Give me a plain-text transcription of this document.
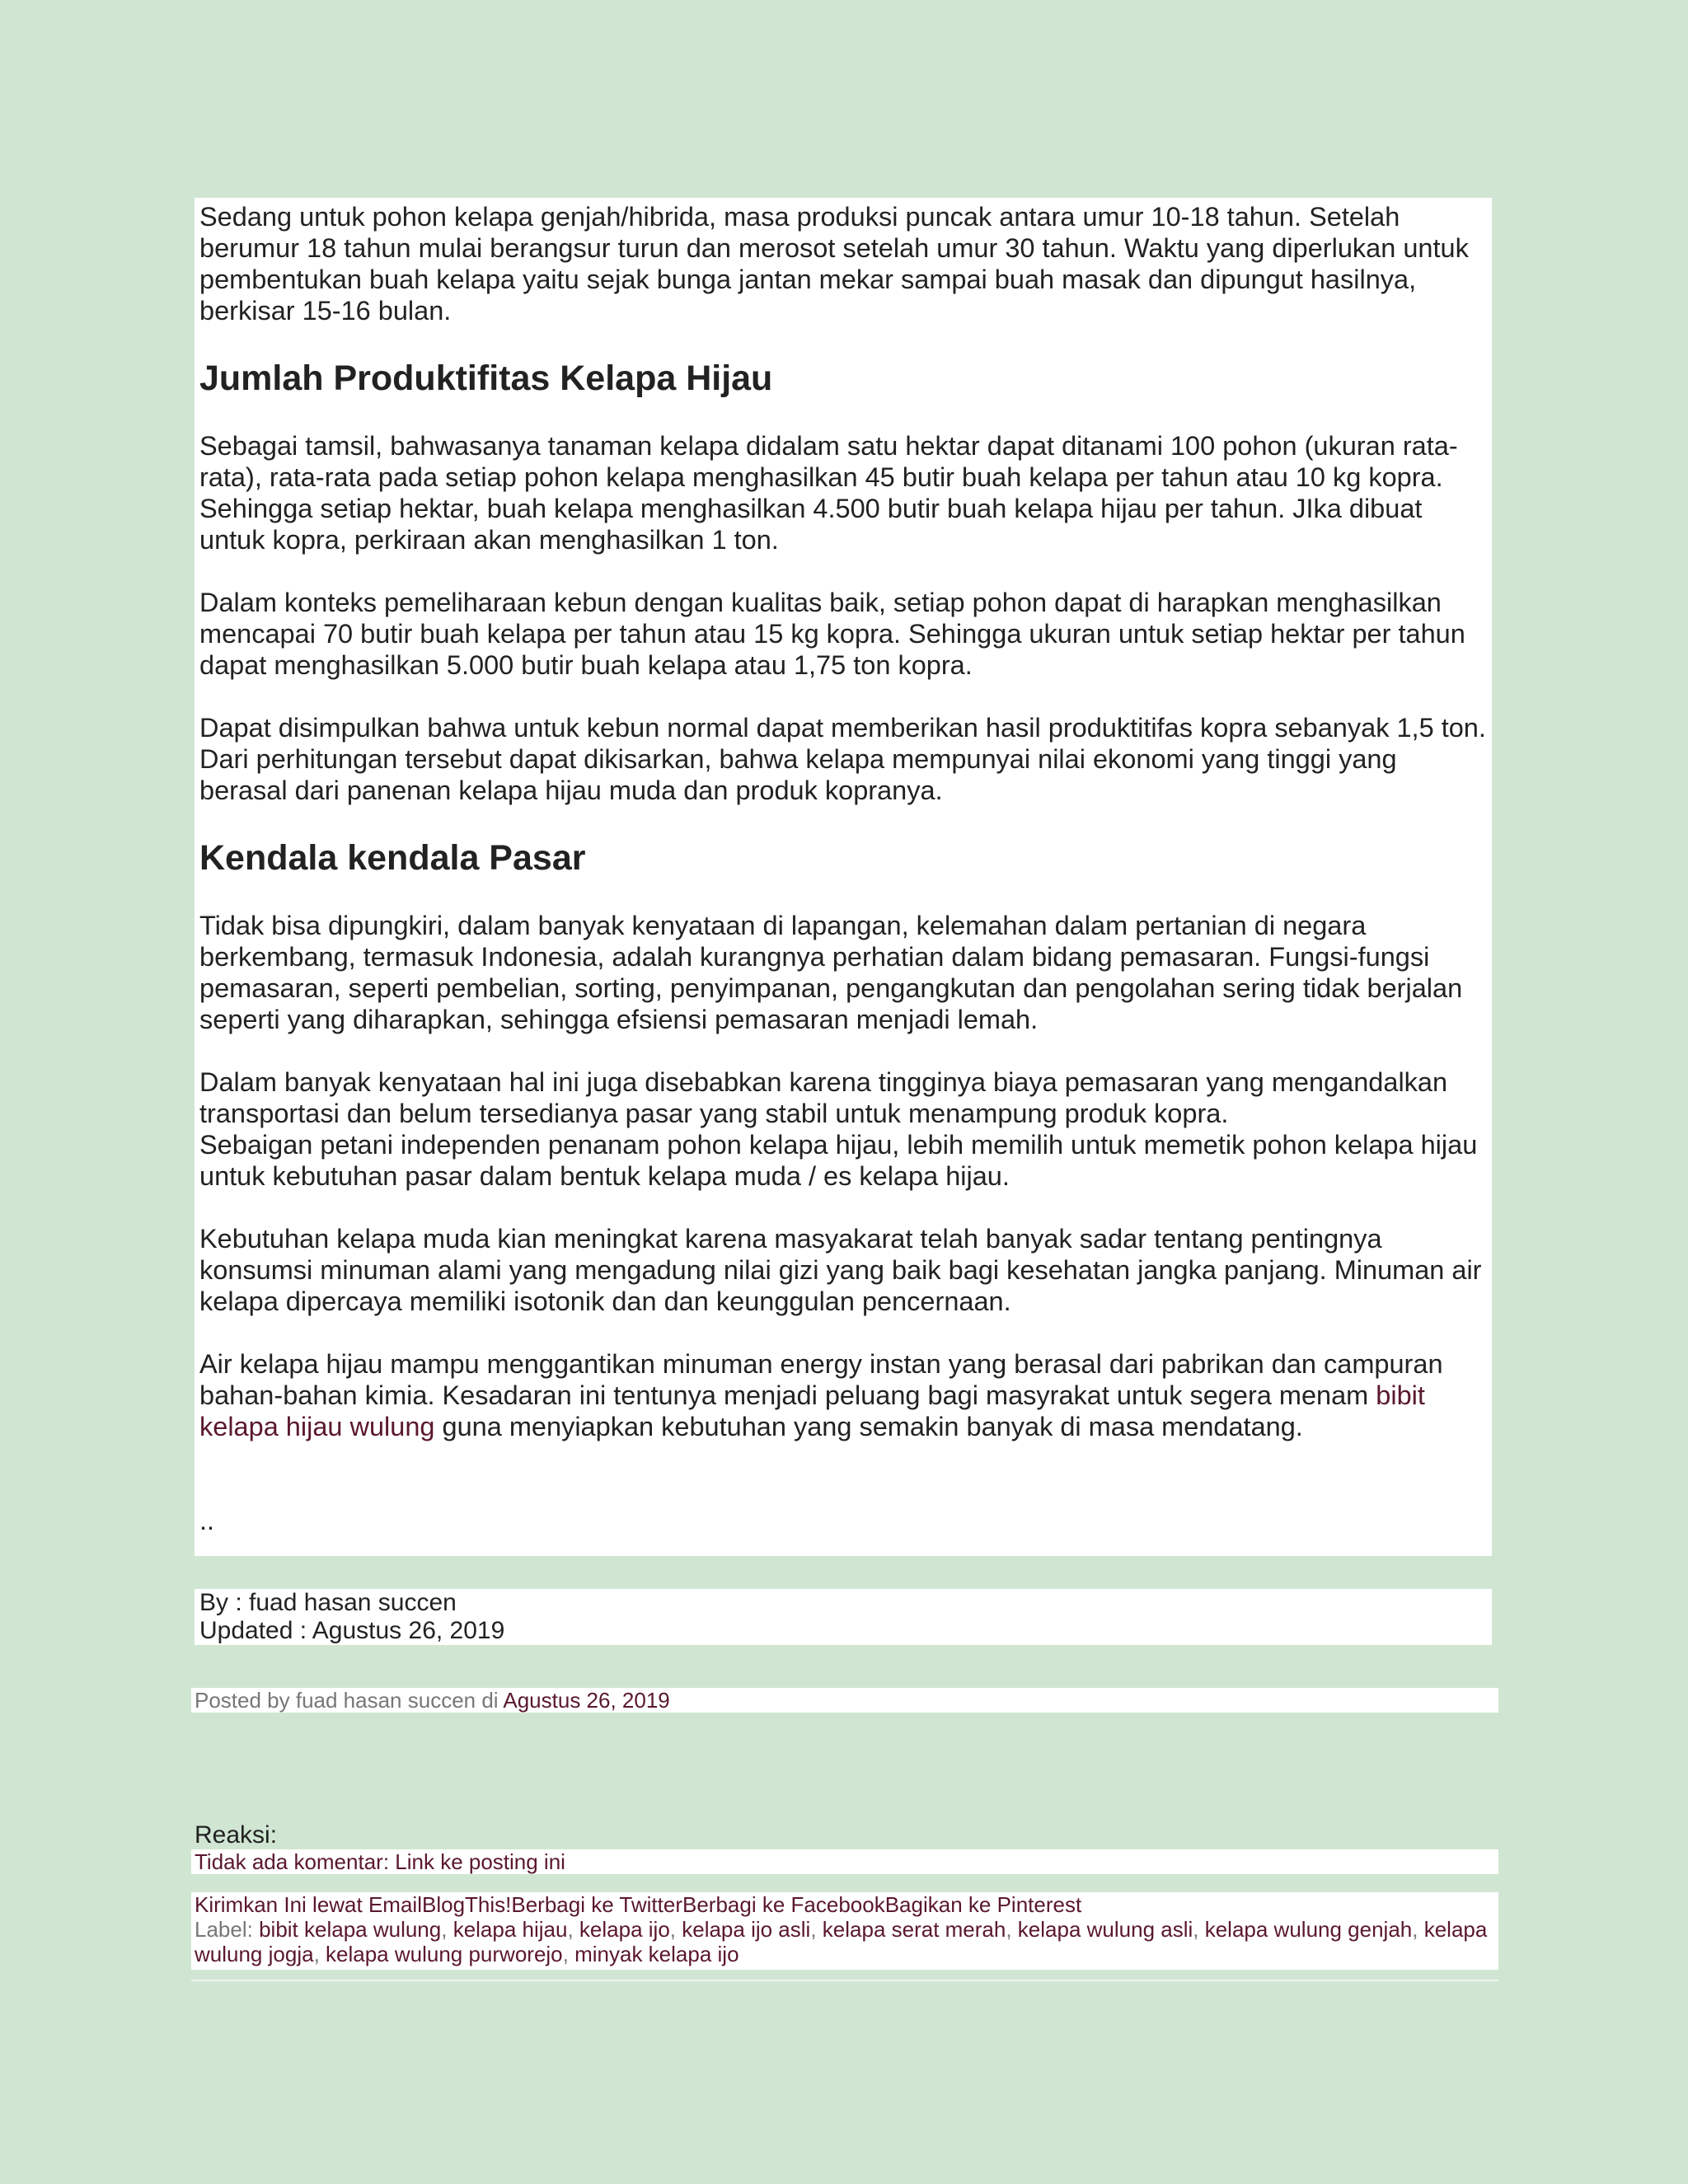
Sedang untuk pohon kelapa genjah/hibrida, masa produksi puncak antara umur 10-18 tahun. Setelah berumur 18 tahun mulai berangsur turun dan merosot setelah umur 30 tahun. Waktu yang diperlukan untuk pembentukan buah kelapa yaitu sejak bunga jantan mekar sampai buah masak dan dipungut hasilnya, berkisar 15-16 bulan.

Jumlah Produktifitas Kelapa Hijau

Sebagai tamsil, bahwasanya tanaman kelapa didalam satu hektar dapat ditanami 100 pohon (ukuran rata-rata), rata-rata pada setiap pohon kelapa menghasilkan 45 butir buah kelapa per tahun atau 10 kg kopra. Sehingga setiap hektar, buah kelapa menghasilkan 4.500 butir buah kelapa hijau per tahun. JIka dibuat untuk kopra, perkiraan akan menghasilkan 1 ton.

Dalam konteks pemeliharaan kebun dengan kualitas baik, setiap pohon dapat di harapkan menghasilkan mencapai 70 butir buah kelapa per tahun atau 15 kg kopra. Sehingga ukuran untuk setiap hektar per tahun dapat menghasilkan 5.000 butir buah kelapa atau 1,75 ton kopra.

Dapat disimpulkan bahwa untuk kebun normal dapat memberikan hasil produktitifas kopra sebanyak 1,5 ton. Dari perhitungan tersebut dapat dikisarkan, bahwa kelapa mempunyai nilai ekonomi yang tinggi yang berasal dari panenan kelapa hijau muda dan produk kopranya.

Kendala kendala Pasar

Tidak bisa dipungkiri, dalam banyak kenyataan di lapangan, kelemahan dalam pertanian di negara berkembang, termasuk Indonesia, adalah kurangnya perhatian dalam bidang pemasaran. Fungsi-fungsi pemasaran, seperti pembelian, sorting, penyimpanan, pengangkutan dan pengolahan sering tidak berjalan seperti yang diharapkan, sehingga efsiensi pemasaran menjadi lemah.

Dalam banyak kenyataan hal ini juga disebabkan karena tingginya biaya pemasaran yang mengandalkan transportasi dan belum tersedianya pasar yang stabil untuk menampung produk kopra.

Sebaigan petani independen penanam pohon kelapa hijau, lebih memilih untuk memetik pohon kelapa hijau untuk kebutuhan pasar dalam bentuk kelapa muda / es kelapa hijau.

Kebutuhan kelapa muda kian meningkat karena masyakarat telah banyak sadar tentang pentingnya konsumsi minuman alami yang mengadung nilai gizi yang baik bagi kesehatan jangka panjang. Minuman air kelapa dipercaya memiliki isotonik dan dan keunggulan pencernaan.

Air kelapa hijau mampu menggantikan minuman energy instan yang berasal dari pabrikan dan campuran bahan-bahan kimia. Kesadaran ini tentunya menjadi peluang bagi masyrakat untuk segera menam bibit kelapa hijau wulung guna menyiapkan kebutuhan yang semakin banyak di masa mendatang.

..

By : fuad hasan succen
Updated : Agustus 26, 2019
Posted by fuad hasan succen di Agustus 26, 2019
Reaksi:
Tidak ada komentar: Link ke posting ini
Kirimkan Ini lewat EmailBlogThis!Berbagi ke TwitterBerbagi ke FacebookBagikan ke Pinterest
Label: bibit kelapa wulung, kelapa hijau, kelapa ijo, kelapa ijo asli, kelapa serat merah, kelapa wulung asli, kelapa wulung genjah, kelapa wulung jogja, kelapa wulung purworejo, minyak kelapa ijo
